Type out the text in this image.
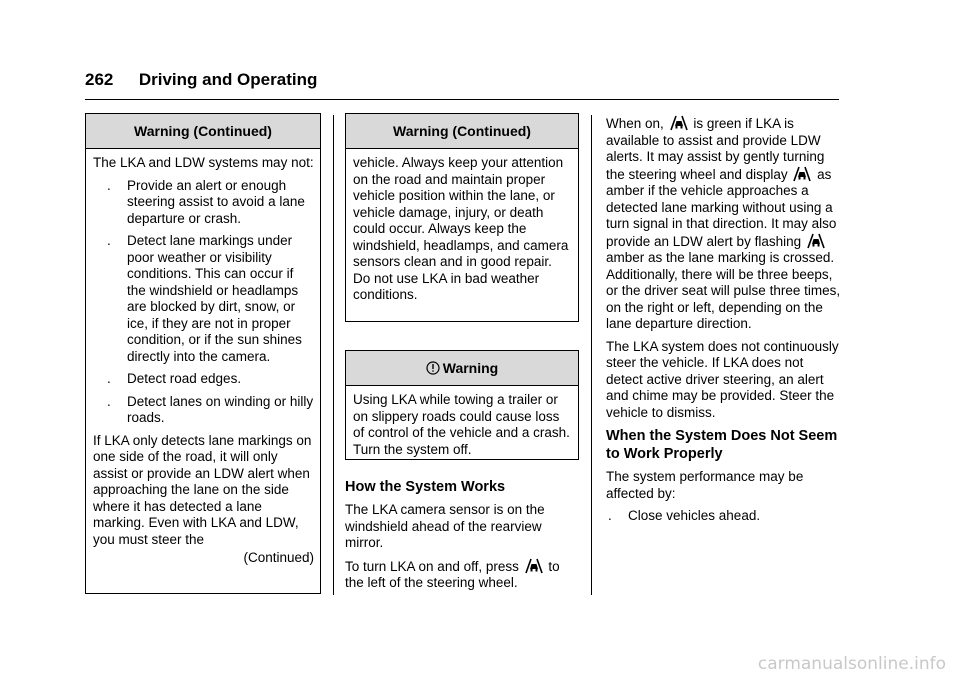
262 Driving and Operating
Warning (Continued)

The LKA and LDW systems may not:

. Provide an alert or enough steering assist to avoid a lane departure or crash.
. Detect lane markings under poor weather or visibility conditions. This can occur if the windshield or headlamps are blocked by dirt, snow, or ice, if they are not in proper condition, or if the sun shines directly into the camera.
. Detect road edges.
. Detect lanes on winding or hilly roads.

If LKA only detects lane markings on one side of the road, it will only assist or provide an LDW alert when approaching the lane on the side where it has detected a lane marking. Even with LKA and LDW, you must steer the

(Continued)
Warning (Continued)
vehicle. Always keep your attention on the road and maintain proper vehicle position within the lane, or vehicle damage, injury, or death could occur. Always keep the windshield, headlamps, and camera sensors clean and in good repair. Do not use LKA in bad weather conditions.
Warning
Using LKA while towing a trailer or on slippery roads could cause loss of control of the vehicle and a crash. Turn the system off.
How the System Works

The LKA camera sensor is on the windshield ahead of the rearview mirror.

To turn LKA on and off, press to the left of the steering wheel.

When on, is green if LKA is available to assist and provide LDW alerts. It may assist by gently turning the steering wheel and display as amber if the vehicle approaches a detected lane marking without using a turn signal in that direction. It may also provide an LDW alert by flashing  amber as the lane marking is crossed. Additionally, there will be three beeps, or the driver seat will pulse three times, on the right or left, depending on the lane departure direction.

The LKA system does not continuously steer the vehicle. If LKA does not detect active driver steering, an alert and chime may be provided. Steer the vehicle to dismiss.

When the System Does Not Seem to Work Properly

The system performance may be affected by:

. Close vehicles ahead.
carmanualsonline.info
